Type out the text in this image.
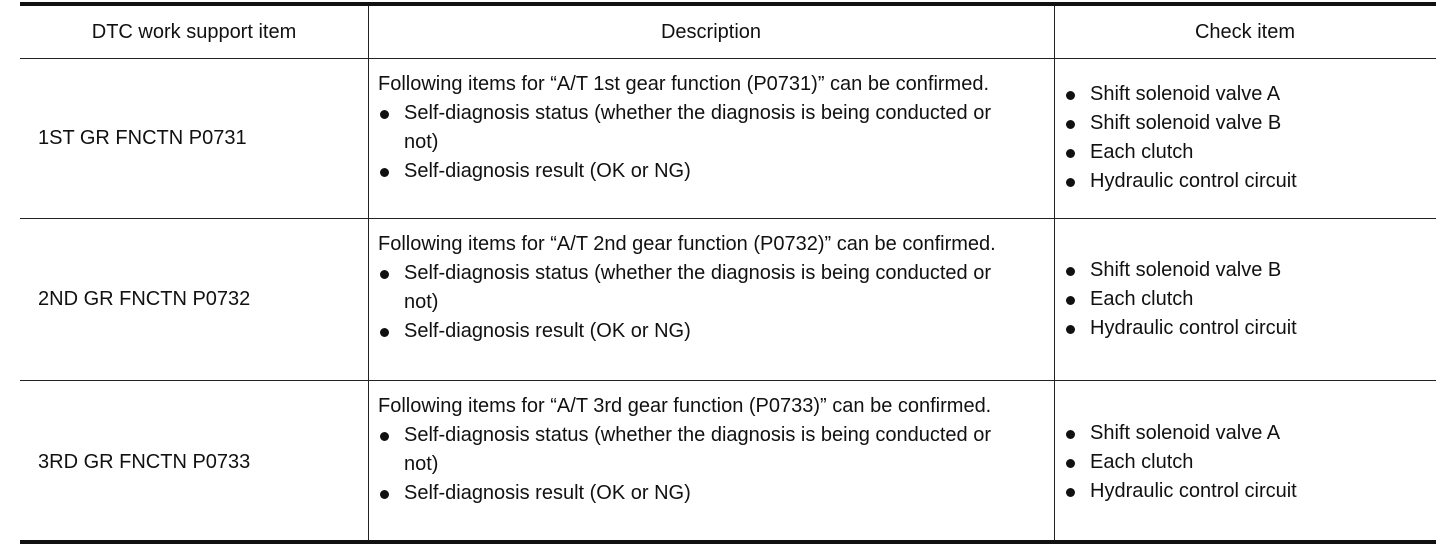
DTC work support item	Description	Check item
1ST GR FNCTN P0731
Following items for “A/T 1st gear function (P0731)” can be confirmed.
Self-diagnosis status (whether the diagnosis is being conducted or not)
Self-diagnosis result (OK or NG)
Shift solenoid valve A
Shift solenoid valve B
Each clutch
Hydraulic control circuit
2ND GR FNCTN P0732
Following items for “A/T 2nd gear function (P0732)” can be confirmed.
Self-diagnosis status (whether the diagnosis is being conducted or not)
Self-diagnosis result (OK or NG)
Shift solenoid valve B
Each clutch
Hydraulic control circuit
3RD GR FNCTN P0733
Following items for “A/T 3rd gear function (P0733)” can be confirmed.
Self-diagnosis status (whether the diagnosis is being conducted or not)
Self-diagnosis result (OK or NG)
Shift solenoid valve A
Each clutch
Hydraulic control circuit
